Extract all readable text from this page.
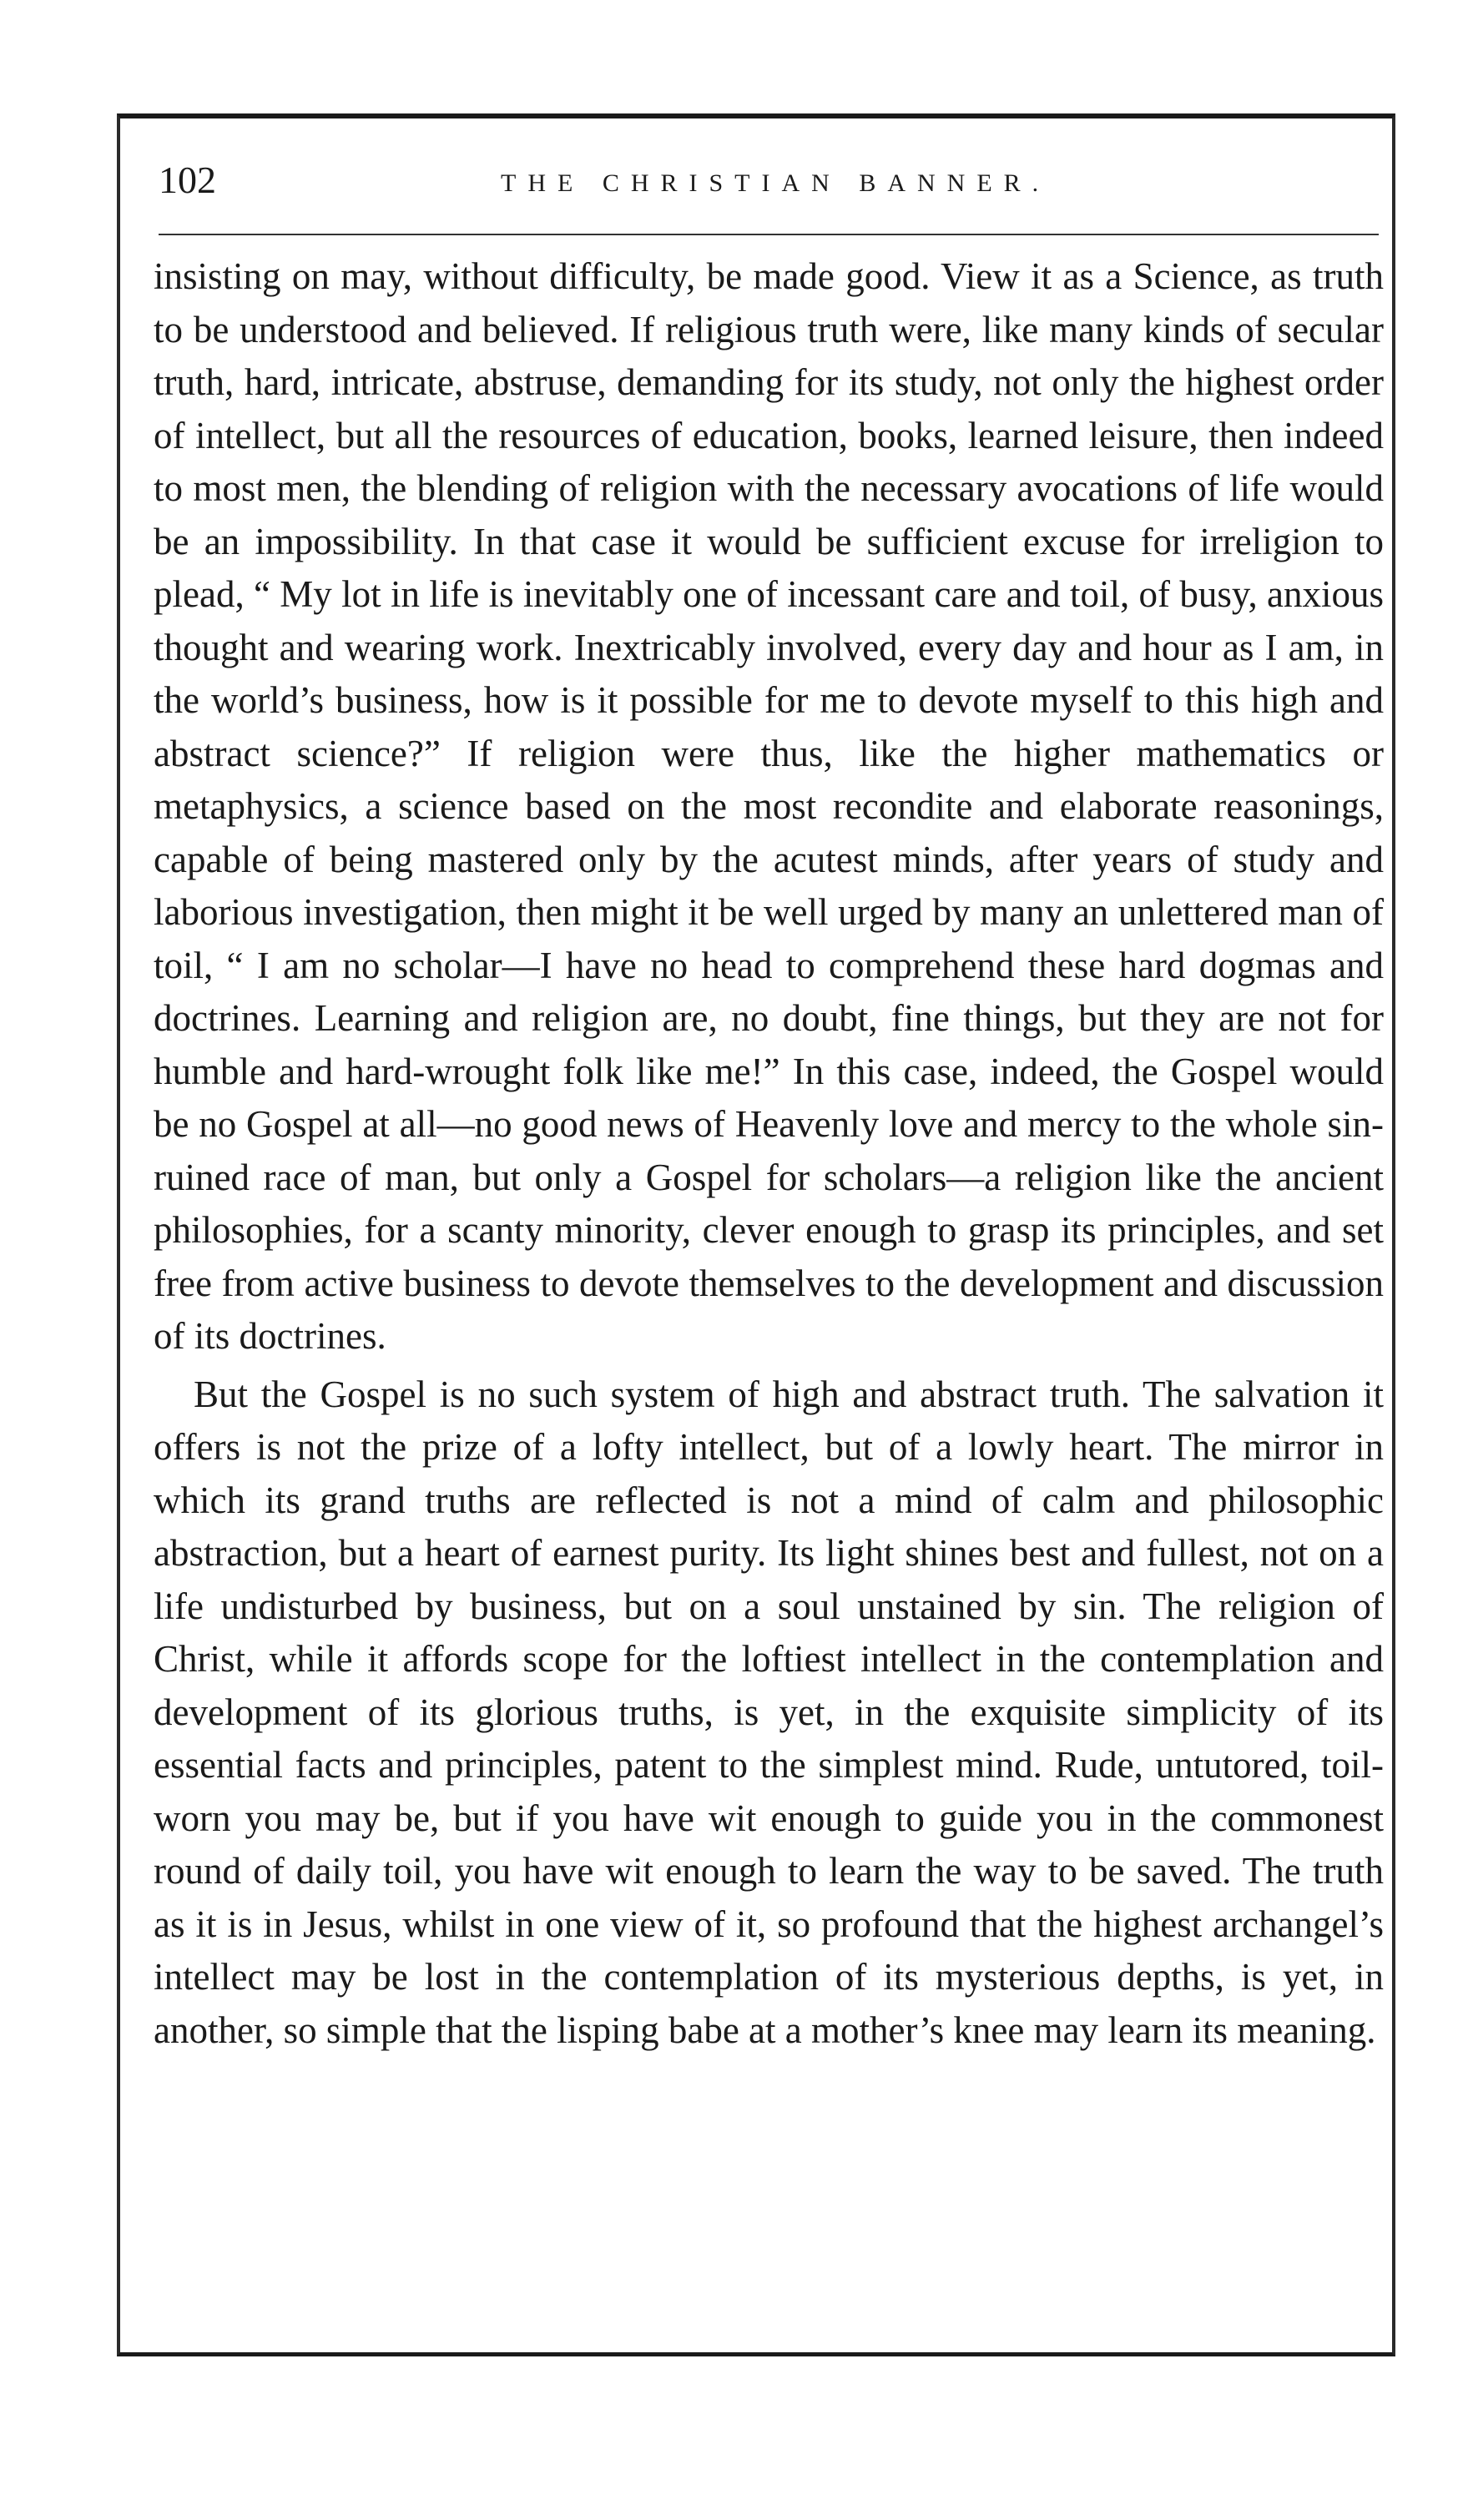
102	THE CHRISTIAN BANNER.

insisting on may, without difficulty, be made good. View it as a Science, as truth to be understood and believed. If religious truth were, like many kinds of secular truth, hard, intricate, abstruse, demanding for its study, not only the highest order of intellect, but all the resources of education, books, learned leisure, then indeed to most men, the blending of religion with the necessary avocations of life would be an impossibility. In that case it would be sufficient excuse for irreligion to plead, “ My lot in life is inevitably one of incessant care and toil, of busy, anxious thought and wearing work. Inextricably involved, every day and hour as I am, in the world’s business, how is it possible for me to devote myself to this high and abstract science?” If religion were thus, like the higher mathematics or metaphysics, a science based on the most recondite and elaborate reasonings, capable of being mastered only by the acutest minds, after years of study and laborious investigation, then might it be well urged by many an unlettered man of toil, “ I am no scholar—I have no head to comprehend these hard dogmas and doctrines. Learning and religion are, no doubt, fine things, but they are not for humble and hard-wrought folk like me!” In this case, indeed, the Gospel would be no Gospel at all—no good news of Heavenly love and mercy to the whole sin-ruined race of man, but only a Gospel for scholars—a religion like the ancient philosophies, for a scanty minority, clever enough to grasp its principles, and set free from active business to devote themselves to the development and discussion of its doctrines.

But the Gospel is no such system of high and abstract truth. The salvation it offers is not the prize of a lofty intellect, but of a lowly heart. The mirror in which its grand truths are reflected is not a mind of calm and philosophic abstraction, but a heart of earnest purity. Its light shines best and fullest, not on a life undisturbed by business, but on a soul unstained by sin. The religion of Christ, while it affords scope for the loftiest intellect in the contemplation and development of its glorious truths, is yet, in the exquisite simplicity of its essential facts and principles, patent to the simplest mind. Rude, untutored, toil-worn you may be, but if you have wit enough to guide you in the commonest round of daily toil, you have wit enough to learn the way to be saved. The truth as it is in Jesus, whilst in one view of it, so profound that the highest archangel’s intellect may be lost in the contemplation of its mysterious depths, is yet, in another, so simple that the lisping babe at a mother’s knee may learn its meaning.
